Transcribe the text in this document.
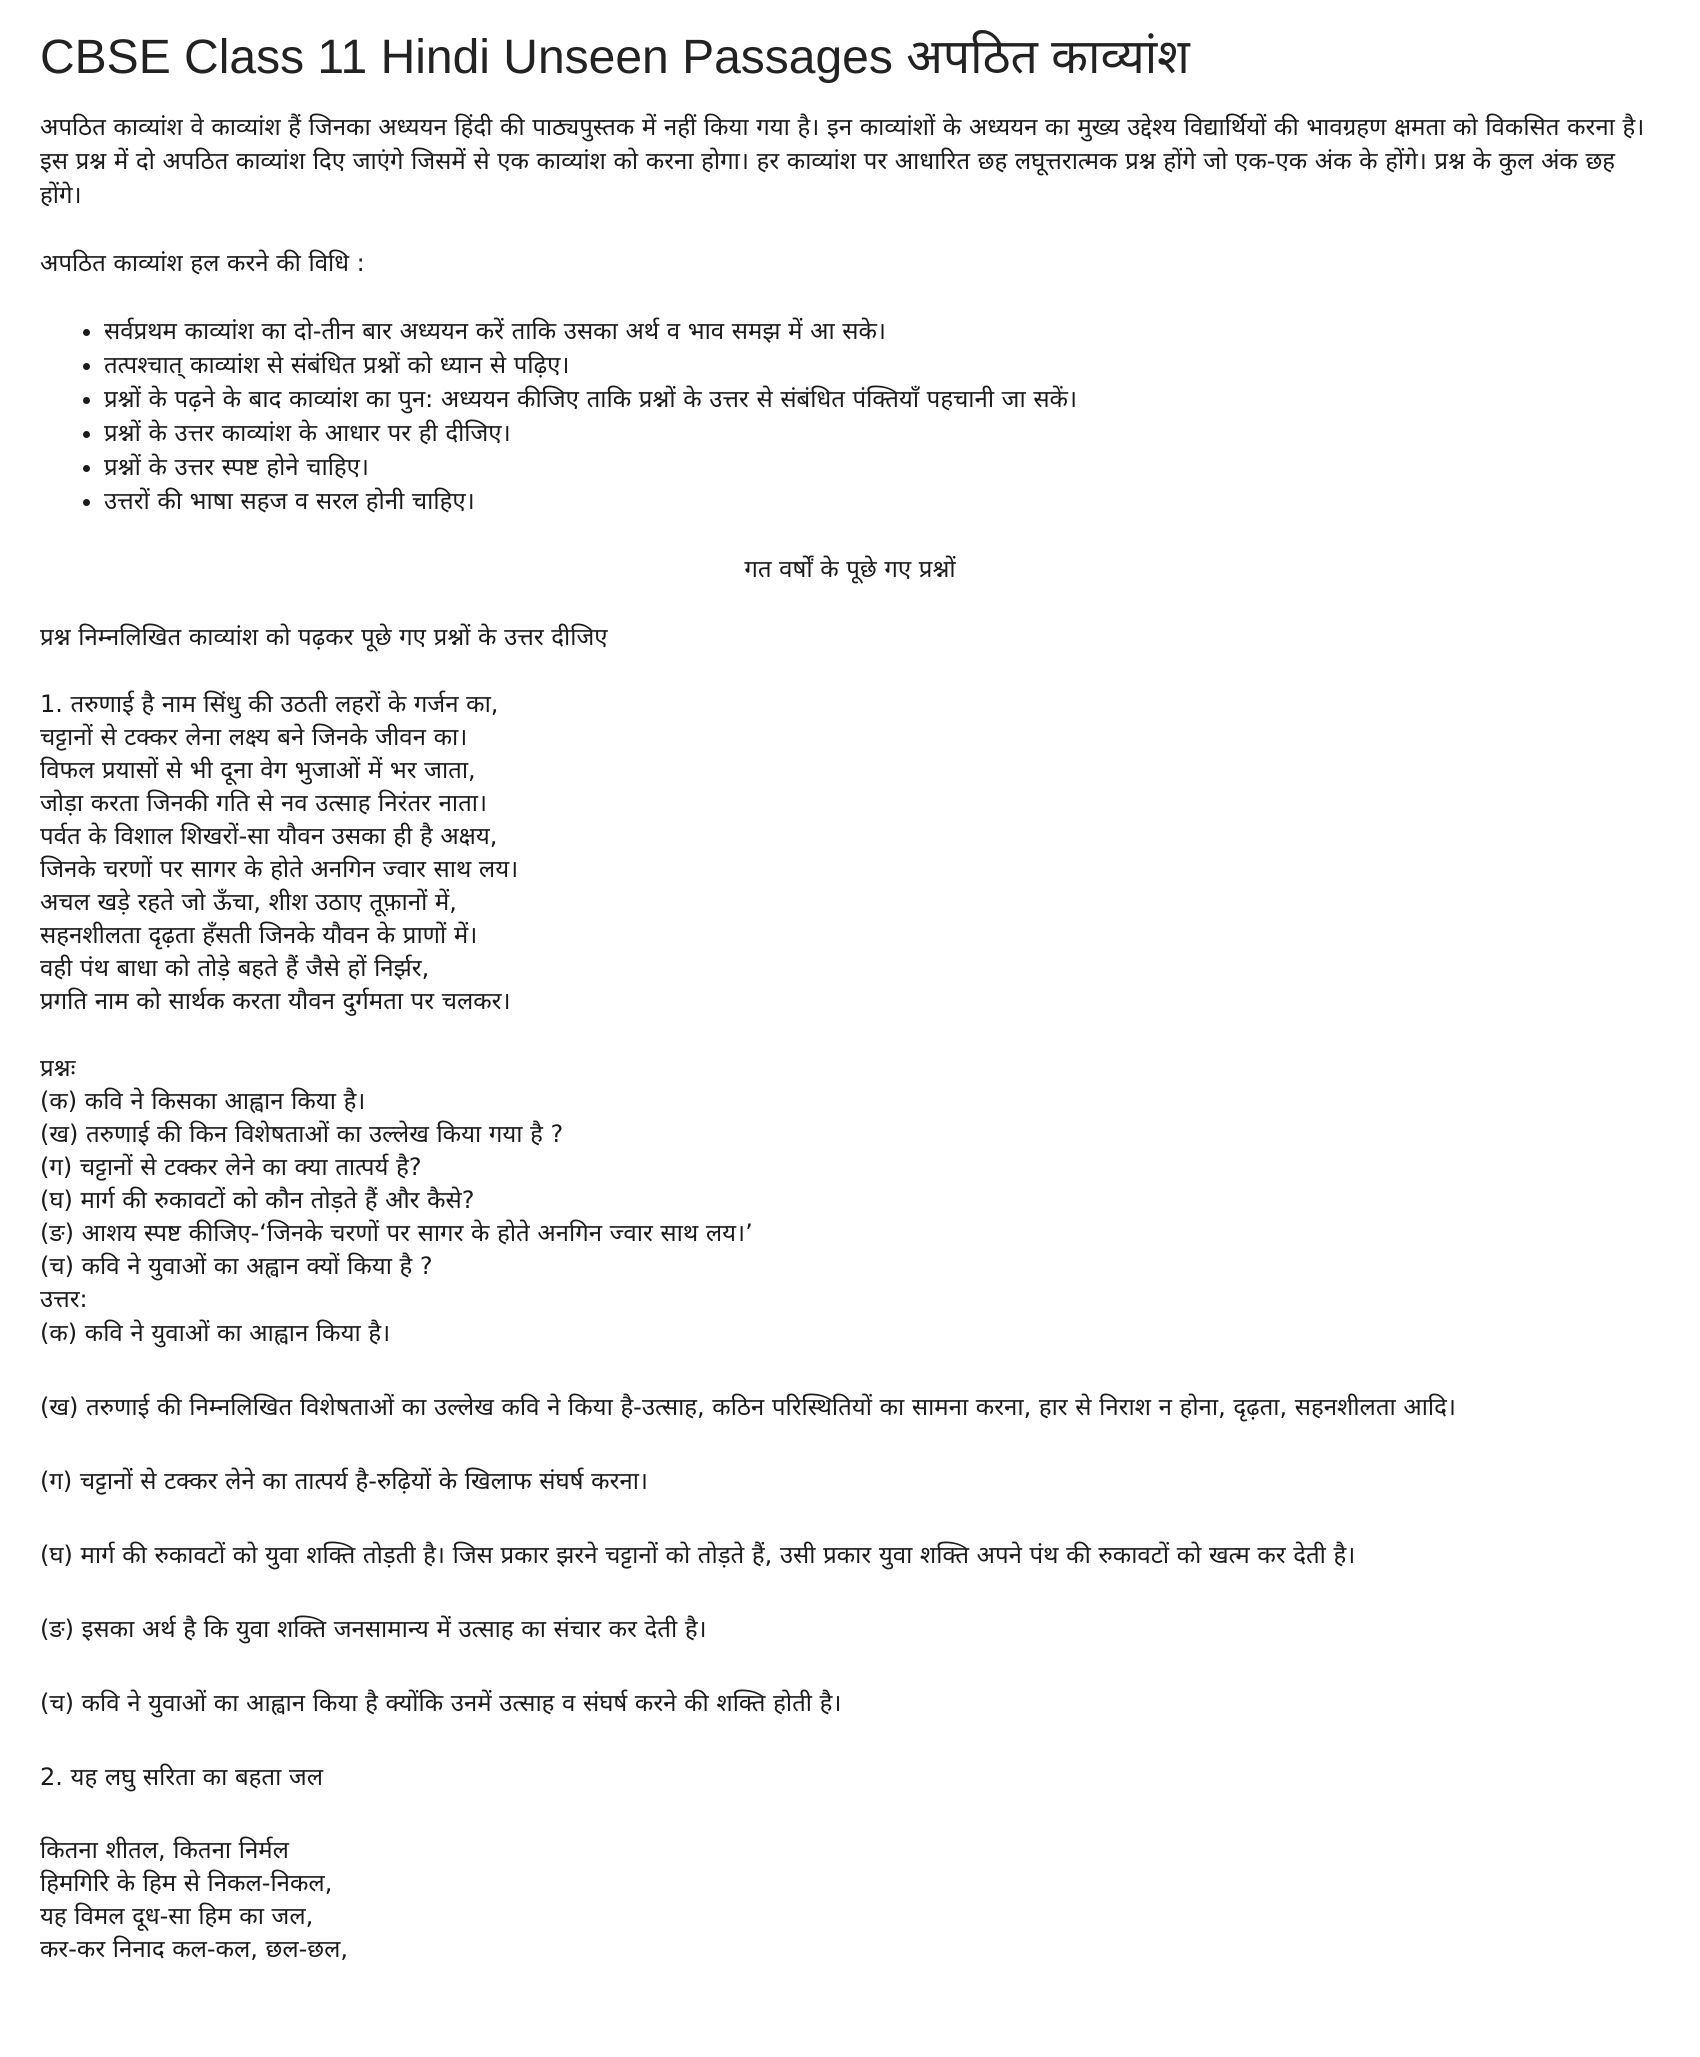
CBSE Class 11 Hindi Unseen Passages अपठित काव्यांश

अपठित काव्यांश वे काव्यांश हैं जिनका अध्ययन हिंदी की पाठ्यपुस्तक में नहीं किया गया है। इन काव्यांशों के अध्ययन का मुख्य उद्देश्य विद्यार्थियों की भावग्रहण क्षमता को विकसित करना है।

इस प्रश्न में दो अपठित काव्यांश दिए जाएंगे जिसमें से एक काव्यांश को करना होगा। हर काव्यांश पर आधारित छह लघूत्तरात्मक प्रश्न होंगे जो एक-एक अंक के होंगे। प्रश्न के कुल अंक छह होंगे।

अपठित काव्यांश हल करने की विधि :

• सर्वप्रथम काव्यांश का दो-तीन बार अध्ययन करें ताकि उसका अर्थ व भाव समझ में आ सके।
• तत्पश्चात् काव्यांश से संबंधित प्रश्नों को ध्यान से पढ़िए।
• प्रश्नों के पढ़ने के बाद काव्यांश का पुन: अध्ययन कीजिए ताकि प्रश्नों के उत्तर से संबंधित पंक्तियाँ पहचानी जा सकें।
• प्रश्नों के उत्तर काव्यांश के आधार पर ही दीजिए।
• प्रश्नों के उत्तर स्पष्ट होने चाहिए।
• उत्तरों की भाषा सहज व सरल होनी चाहिए।

गत वर्षों के पूछे गए प्रश्नों

प्रश्न निम्नलिखित काव्यांश को पढ़कर पूछे गए प्रश्नों के उत्तर दीजिए

1. तरुणाई है नाम सिंधु की उठती लहरों के गर्जन का,
चट्टानों से टक्कर लेना लक्ष्य बने जिनके जीवन का।
विफल प्रयासों से भी दूना वेग भुजाओं में भर जाता,
जोड़ा करता जिनकी गति से नव उत्साह निरंतर नाता।
पर्वत के विशाल शिखरों-सा यौवन उसका ही है अक्षय,
जिनके चरणों पर सागर के होते अनगिन ज्वार साथ लय।
अचल खड़े रहते जो ऊँचा, शीश उठाए तूफ़ानों में,
सहनशीलता दृढ़ता हँसती जिनके यौवन के प्राणों में।
वही पंथ बाधा को तोड़े बहते हैं जैसे हों निर्झर,
प्रगति नाम को सार्थक करता यौवन दुर्गमता पर चलकर।
प्रश्नः
(क) कवि ने किसका आह्वान किया है।
(ख) तरुणाई की किन विशेषताओं का उल्लेख किया गया है ?
(ग) चट्टानों से टक्कर लेने का क्या तात्पर्य है?
(घ) मार्ग की रुकावटों को कौन तोड़ते हैं और कैसे?
(ङ) आशय स्पष्ट कीजिए-‘जिनके चरणों पर सागर के होते अनगिन ज्वार साथ लय।’
(च) कवि ने युवाओं का अह्वान क्यों किया है ?
उत्तर:
(क) कवि ने युवाओं का आह्वान किया है।
(ख) तरुणाई की निम्नलिखित विशेषताओं का उल्लेख कवि ने किया है-उत्साह, कठिन परिस्थितियों का सामना करना, हार से निराश न होना, दृढ़ता, सहनशीलता आदि।
(ग) चट्टानों से टक्कर लेने का तात्पर्य है-रुढ़ियों के खिलाफ संघर्ष करना।
(घ) मार्ग की रुकावटों को युवा शक्ति तोड़ती है। जिस प्रकार झरने चट्टानों को तोड़ते हैं, उसी प्रकार युवा शक्ति अपने पंथ की रुकावटों को खत्म कर देती है।
(ङ) इसका अर्थ है कि युवा शक्ति जनसामान्य में उत्साह का संचार कर देती है।
(च) कवि ने युवाओं का आह्वान किया है क्योंकि उनमें उत्साह व संघर्ष करने की शक्ति होती है।
2. यह लघु सरिता का बहता जल
कितना शीतल, कितना निर्मल
हिमगिरि के हिम से निकल-निकल,
यह विमल दूध-सा हिम का जल,
कर-कर निनाद कल-कल, छल-छल,
